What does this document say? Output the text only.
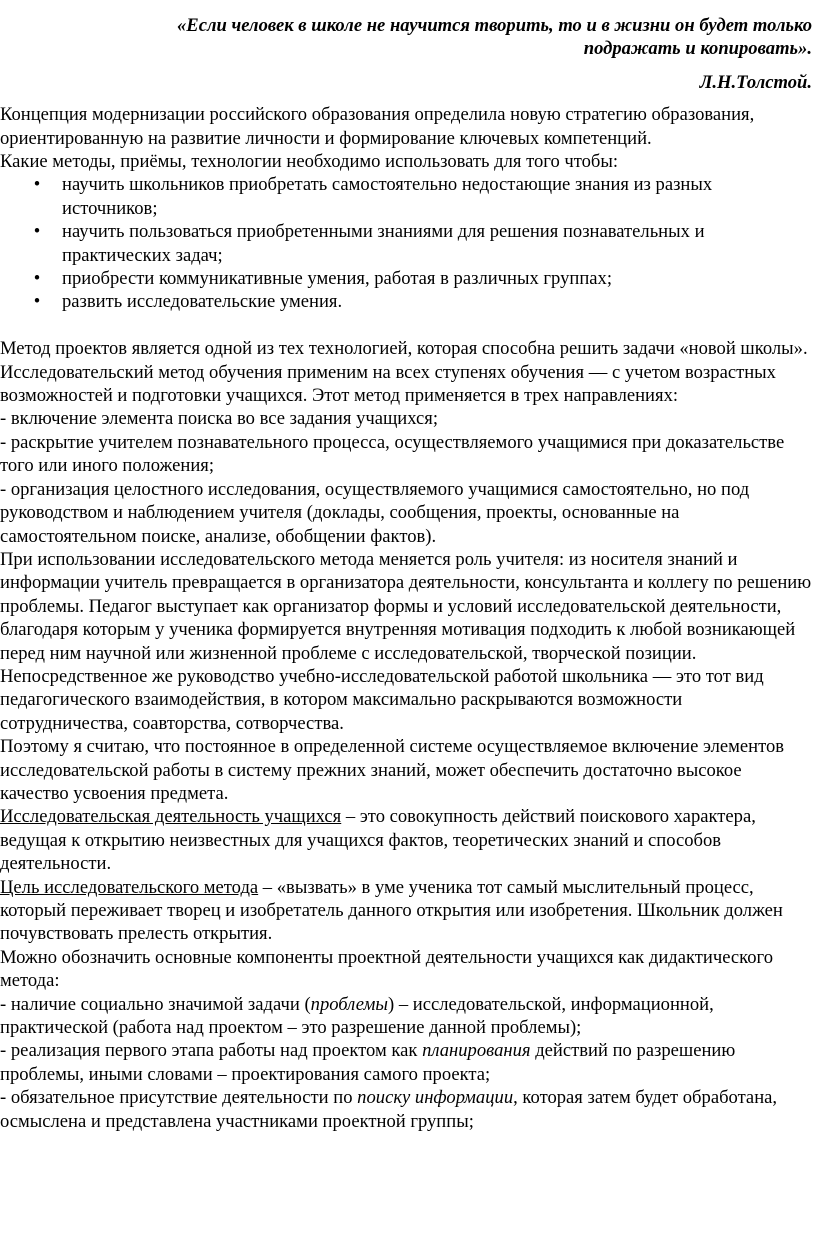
«Если человек в школе не научится творить, то и в жизни он будет только
подражать и копировать».

Л.Н.Толстой.

Концепция модернизации российского образования определила новую стратегию образования, ориентированную на развитие личности и формирование ключевых компетенций.

Какие методы, приёмы, технологии необходимо использовать для того чтобы:

• научить школьников приобретать самостоятельно недостающие знания из разных источников;
• научить пользоваться приобретенными знаниями для решения познавательных и практических задач;
• приобрести коммуникативные умения, работая в различных группах;
• развить исследовательские умения.

Метод проектов является одной из тех технологией, которая способна решить задачи «новой школы».

Исследовательский метод обучения применим на всех ступенях обучения — с учетом возрастных возможностей и подготовки учащихся. Этот метод применяется в трех направлениях:

- включение элемента поиска во все задания учащихся;

- раскрытие учителем познавательного процесса, осуществляемого учащимися при доказательстве того или иного положения;

- организация целостного исследования, осуществляемого учащимися самостоятельно, но под руководством и наблюдением учителя (доклады, сообщения, проекты, основанные на самостоятельном поиске, анализе, обобщении фактов).

При использовании исследовательского метода меняется роль учителя: из носителя знаний и информации учитель превращается в организатора деятельности, консультанта и коллегу по решению проблемы. Педагог выступает как организатор формы и условий исследовательской деятельности, благодаря которым у ученика формируется внутренняя мотивация подходить к любой возникающей перед ним научной или жизненной проблеме с исследовательской, творческой позиции. Непосредственное же руководство учебно-исследовательской работой школьника — это тот вид педагогического взаимодействия, в котором максимально раскрываются возможности сотрудничества, соавторства, сотворчества.

Поэтому я считаю, что постоянное в определенной системе осуществляемое включение элементов исследовательской работы в систему прежних знаний, может обеспечить достаточно высокое качество усвоения предмета.

Исследовательская деятельность учащихся – это совокупность действий поискового характера, ведущая к открытию неизвестных для учащихся фактов, теоретических знаний и способов деятельности.

Цель исследовательского метода – «вызвать» в уме ученика тот самый мыслительный процесс, который переживает творец и изобретатель данного открытия или изобретения. Школьник должен почувствовать прелесть открытия.

Можно обозначить основные компоненты проектной деятельности учащихся как дидактического метода:

- наличие социально значимой задачи (проблемы) – исследовательской, информационной, практической (работа над проектом – это разрешение данной проблемы);

- реализация первого этапа работы над проектом как планирования действий по разрешению проблемы, иными словами – проектирования самого проекта;

- обязательное присутствие деятельности по поиску информации, которая затем будет обработана, осмыслена и представлена участниками проектной группы;
